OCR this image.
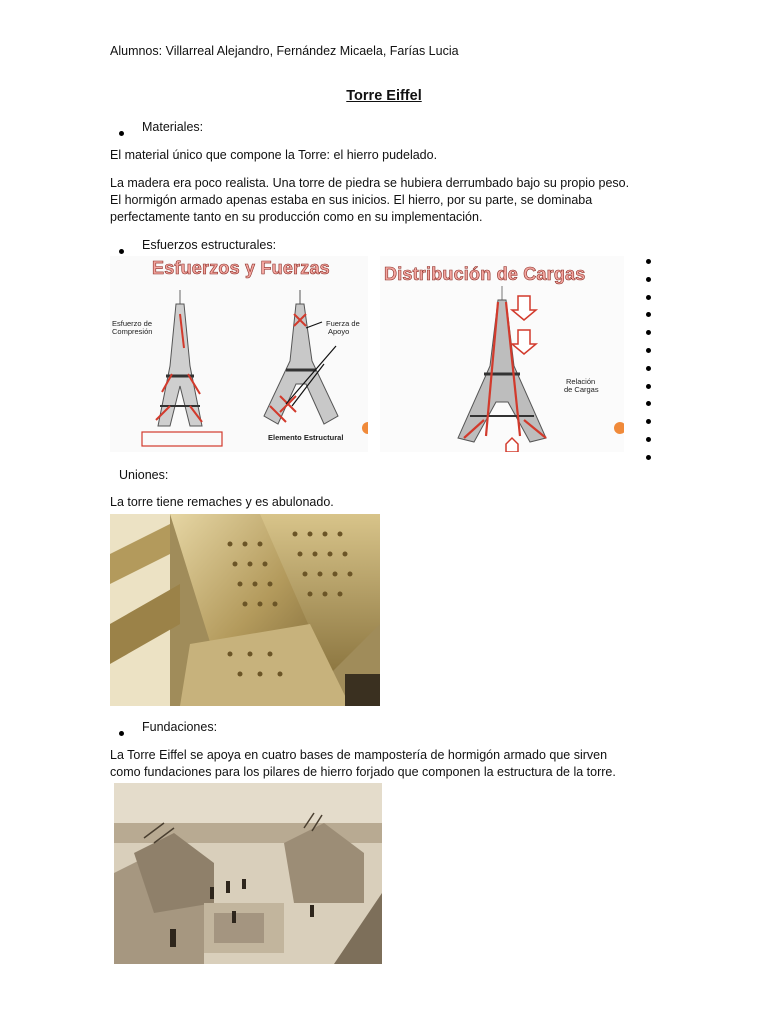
Alumnos: Villarreal Alejandro, Fernández Micaela, Farías Lucia
Torre Eiffel
Materiales:
El material único que compone la Torre: el hierro pudelado.
La madera era poco realista. Una torre de piedra se hubiera derrumbado bajo su propio peso.
El hormigón armado apenas estaba en sus inicios. El hierro, por su parte, se dominaba
perfectamente tanto en su producción como en su implementación.
Esfuerzos estructurales:
Esfuerzos y Fuerzas
Esfuerzo de
Compresión
Fuerza de
Apoyo
Elemento Estructural
Distribución de Cargas
Relación
de Cargas
Uniones:
La torre tiene remaches y es abulonado.
Fundaciones:
La Torre Eiffel se apoya en cuatro bases de mampostería de hormigón armado que sirven
como fundaciones para los pilares de hierro forjado que componen la estructura de la torre.
